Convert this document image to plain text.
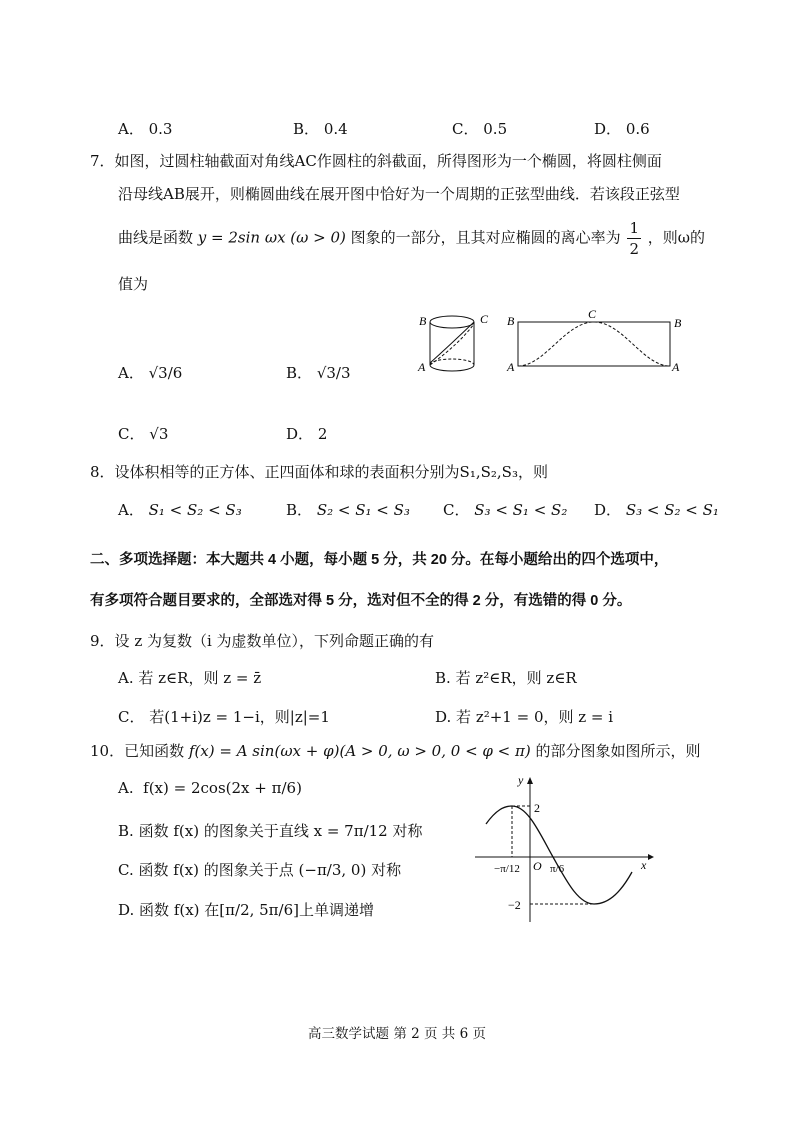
A． 0.3	B． 0.4	C． 0.5	D． 0.6
7．如图，过圆柱轴截面对角线AC作圆柱的斜截面，所得图形为一个椭圆，将圆柱侧面
沿母线AB展开，则椭圆曲线在展开图中恰好为一个周期的正弦型曲线．若该段正弦型
曲线是函数 y = 2sin ωx (ω > 0) 图象的一部分，且其对应椭圆的离心率为 $\frac{1}{2}$ ，则ω的
值为
A． √3/6	B． √3/3
C． √3	D． 2
B	C
A
B	C
B
A	A
8．设体积相等的正方体、正四面体和球的表面积分别为S₁,S₂,S₃，则
A． S₁ < S₂ < S₃	B． S₂ < S₁ < S₃ C． S₃ < S₁ < S₂ D． S₃ < S₂ < S₁
二、多项选择题：本大题共 4 小题，每小题 5 分，共 20 分。在每小题给出的四个选项中，
有多项符合题目要求的，全部选对得 5 分，选对但不全的得 2 分，有选错的得 0 分。
9．设 z 为复数（i 为虚数单位），下列命题正确的有
A. 若 z∈R，则 z = z̄	B. 若 z²∈R，则 z∈R
C． 若(1+i)z = 1−i，则|z|=1	D. 若 z²+1 = 0，则 z = i
10．已知函数 f(x) = A sin(ωx + φ)(A > 0, ω > 0, 0 < φ < π) 的部分图象如图所示，则
A. f(x) = 2cos(2x + π/6)
B. 函数 f(x) 的图象关于直线 x = 7π/12 对称
C. 函数 f(x) 的图象关于点 (−π/3, 0) 对称
D. 函数 f(x) 在[π/2, 5π/6]上单调递增
y
x
2
−2
O
−π/12	π/6
高三数学试题 第 2 页 共 6 页
